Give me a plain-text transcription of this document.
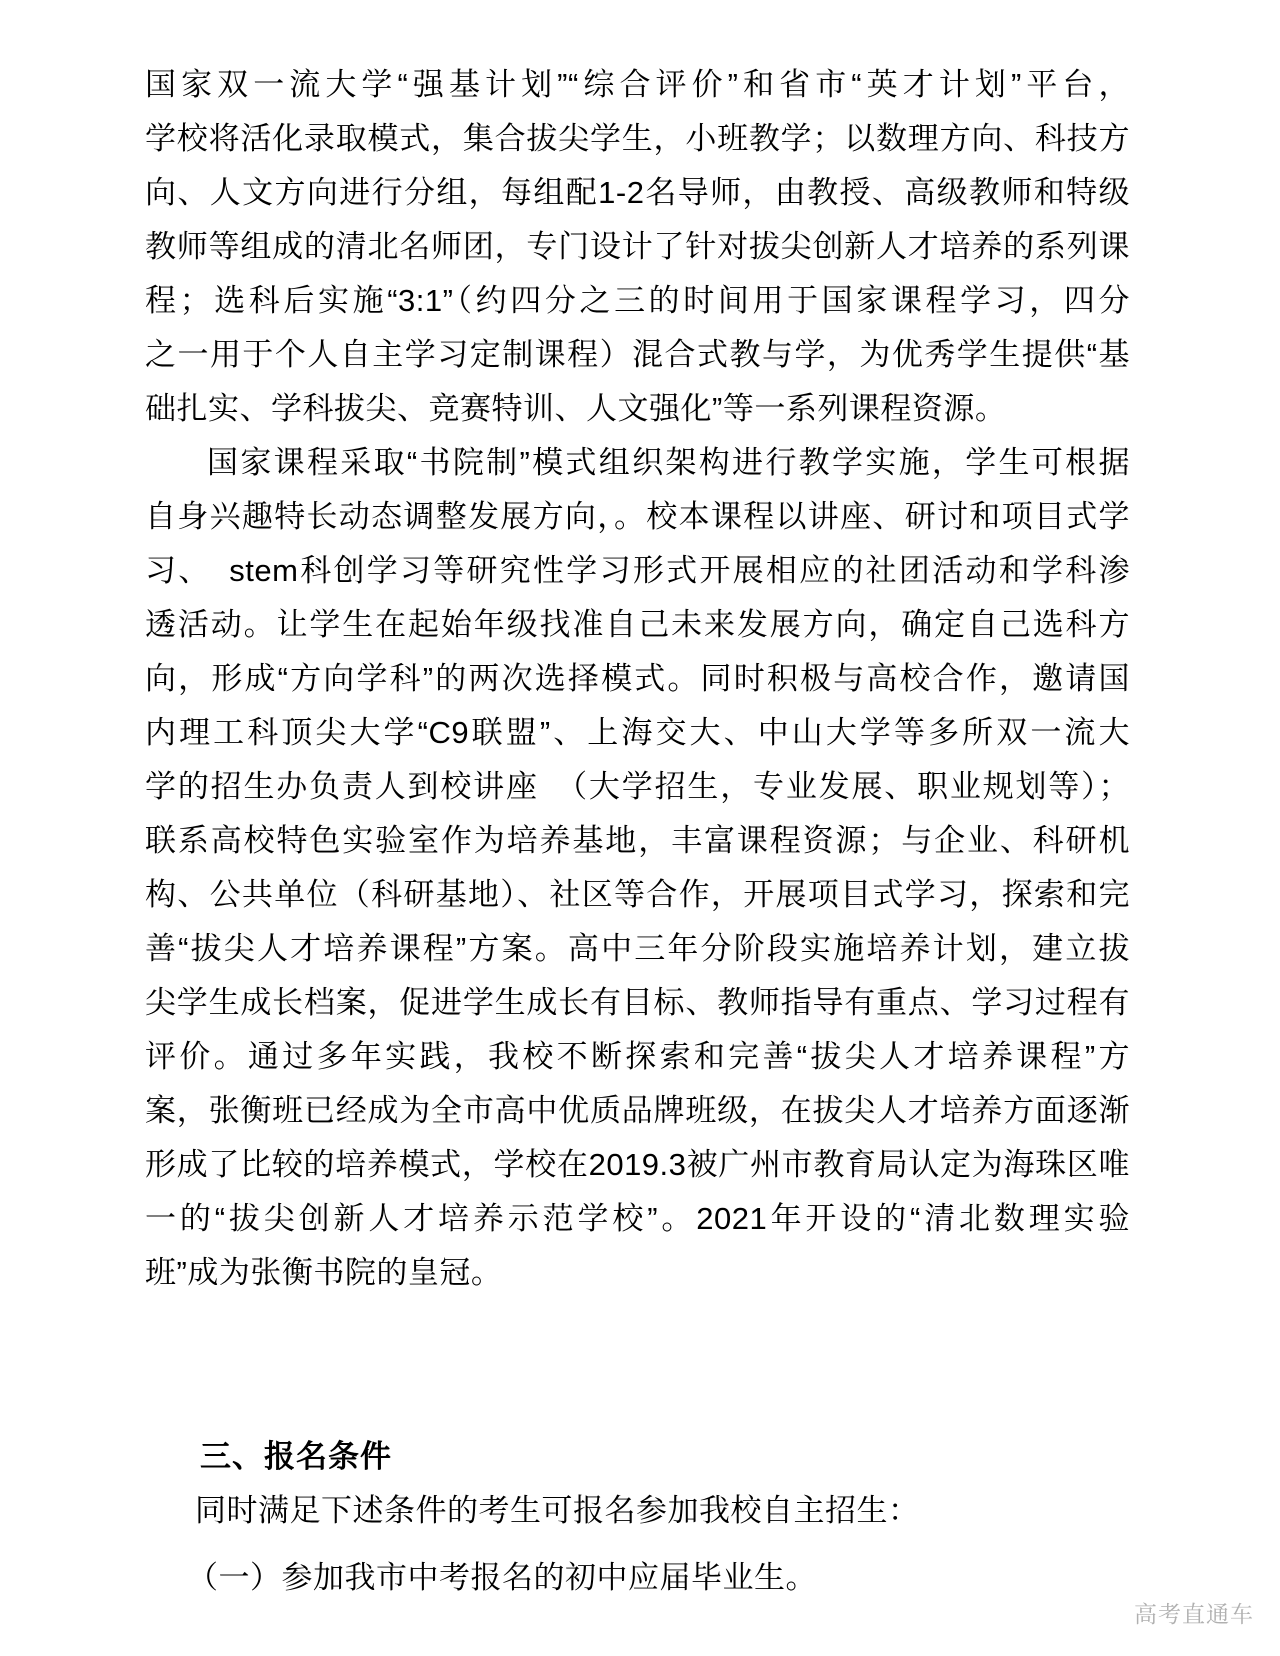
国家双一流大学“强基计划”“综合评价”和省市“英才计划”平台，
学校将活化录取模式，集合拔尖学生，小班教学；以数理方向、科技方
向、人文方向进行分组，每组配1-2名导师，由教授、高级教师和特级
教师等组成的清北名师团，专门设计了针对拔尖创新人才培养的系列课
程；选科后实施“3:1”（约四分之三的时间用于国家课程学习，四分
之一用于个人自主学习定制课程）混合式教与学，为优秀学生提供“基
础扎实、学科拔尖、竞赛特训、人文强化”等一系列课程资源。
国家课程采取“书院制”模式组织架构进行教学实施，学生可根据
自身兴趣特长动态调整发展方向，。校本课程以讲座、研讨和项目式学
习、　stem科创学习等研究性学习形式开展相应的社团活动和学科渗
透活动。让学生在起始年级找准自己未来发展方向，确定自己选科方
向，形成“方向学科”的两次选择模式。同时积极与高校合作，邀请国
内理工科顶尖大学“C9联盟”、上海交大、中山大学等多所双一流大
学的招生办负责人到校讲座　（大学招生，专业发展、职业规划等）；
联系高校特色实验室作为培养基地，丰富课程资源；与企业、科研机
构、公共单位（科研基地）、社区等合作，开展项目式学习，探索和完
善“拔尖人才培养课程”方案。高中三年分阶段实施培养计划，建立拔
尖学生成长档案，促进学生成长有目标、教师指导有重点、学习过程有
评价。通过多年实践，我校不断探索和完善“拔尖人才培养课程”方
案，张衡班已经成为全市高中优质品牌班级，在拔尖人才培养方面逐渐
形成了比较的培养模式，学校在2019.3被广州市教育局认定为海珠区唯
一的“拔尖创新人才培养示范学校”。2021年开设的“清北数理实验
班”成为张衡书院的皇冠。
三、报名条件
同时满足下述条件的考生可报名参加我校自主招生：
（一）参加我市中考报名的初中应届毕业生。
高考直通车
